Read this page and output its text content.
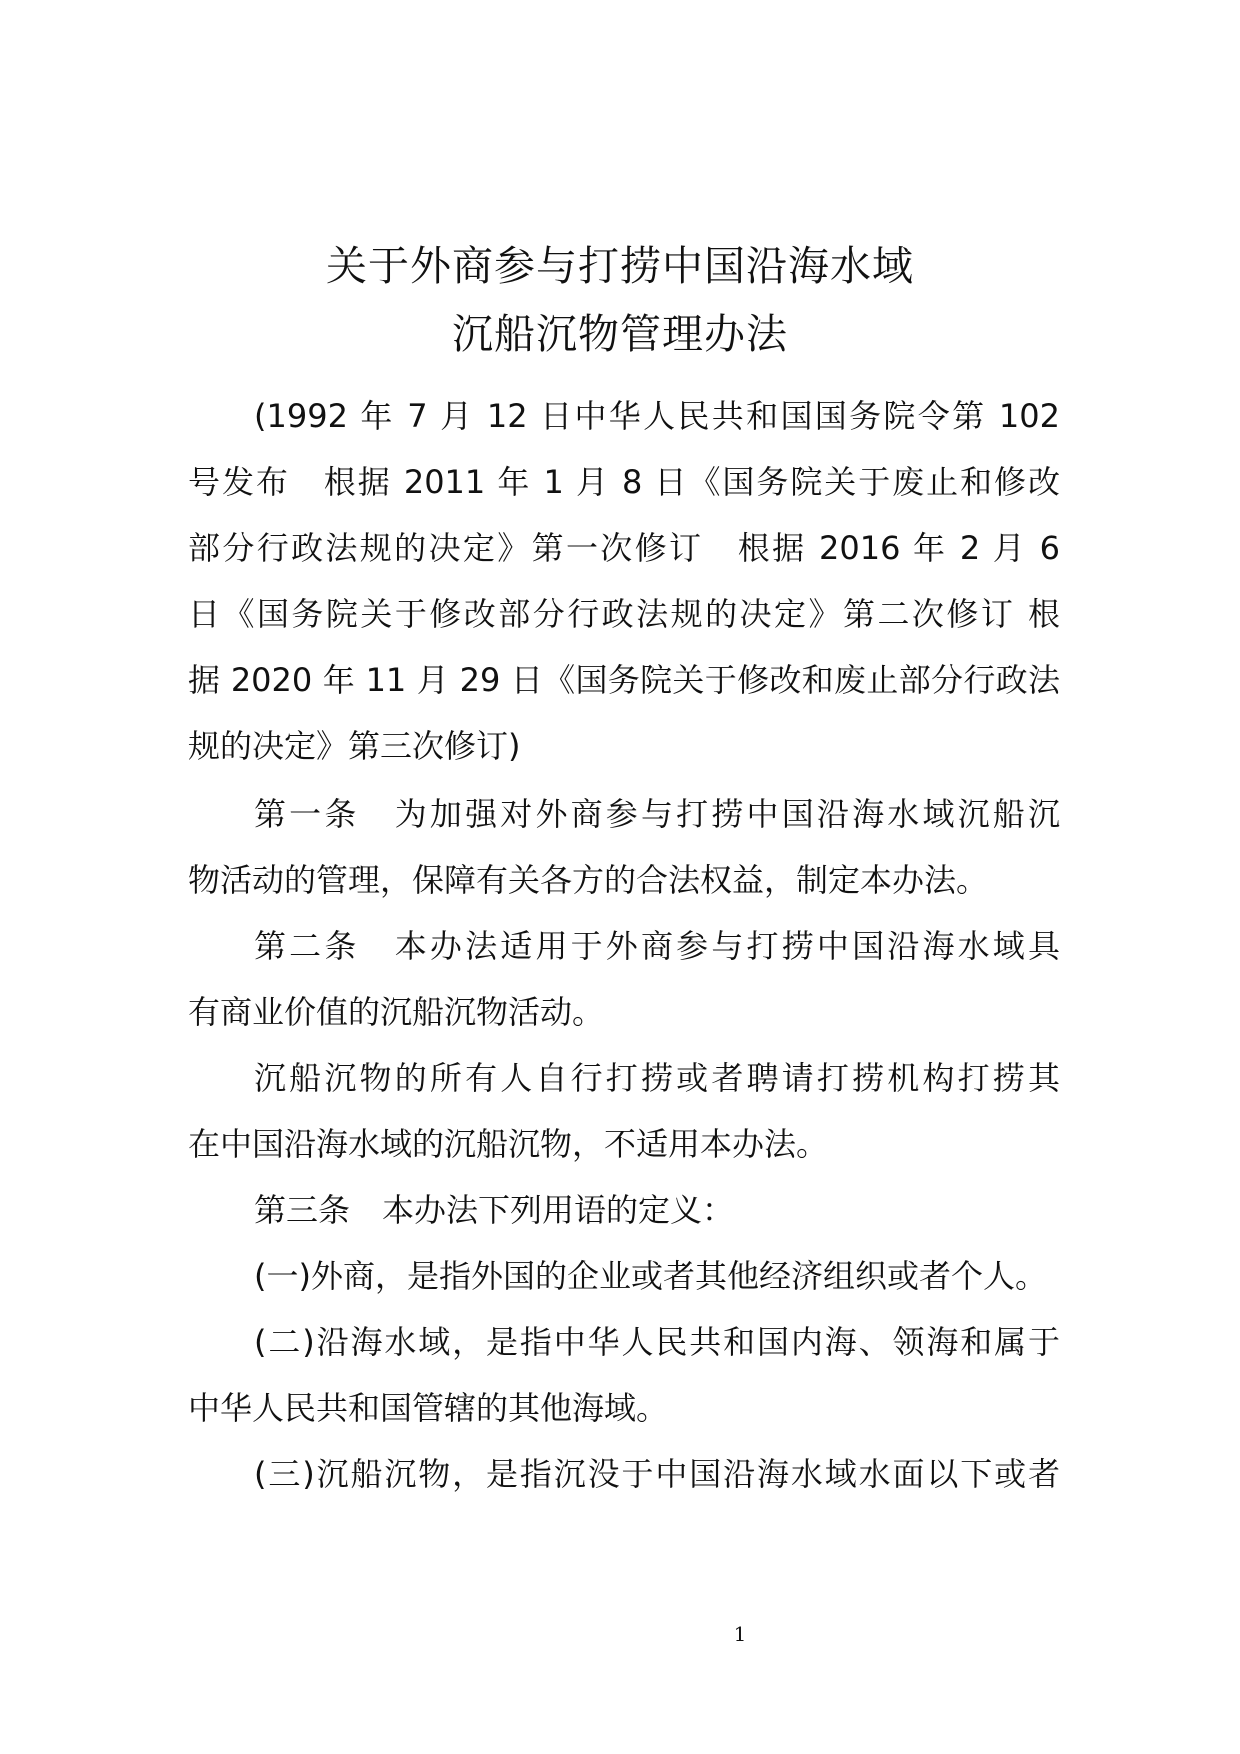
关于外商参与打捞中国沿海水域
沉船沉物管理办法
(1992 年 7 月 12 日中华人民共和国国务院令第 102
号发布　根据 2011 年 1 月 8 日《国务院关于废止和修改
部分行政法规的决定》第一次修订　根据 2016 年 2 月 6
日《国务院关于修改部分行政法规的决定》第二次修订 根
据 2020 年 11 月 29 日《国务院关于修改和废止部分行政法
规的决定》第三次修订)
第一条　为加强对外商参与打捞中国沿海水域沉船沉
物活动的管理，保障有关各方的合法权益，制定本办法。
第二条　本办法适用于外商参与打捞中国沿海水域具
有商业价值的沉船沉物活动。
沉船沉物的所有人自行打捞或者聘请打捞机构打捞其
在中国沿海水域的沉船沉物，不适用本办法。
第三条　本办法下列用语的定义：
(一)外商，是指外国的企业或者其他经济组织或者个人。
(二)沿海水域，是指中华人民共和国内海、领海和属于
中华人民共和国管辖的其他海域。
(三)沉船沉物，是指沉没于中国沿海水域水面以下或者
1
